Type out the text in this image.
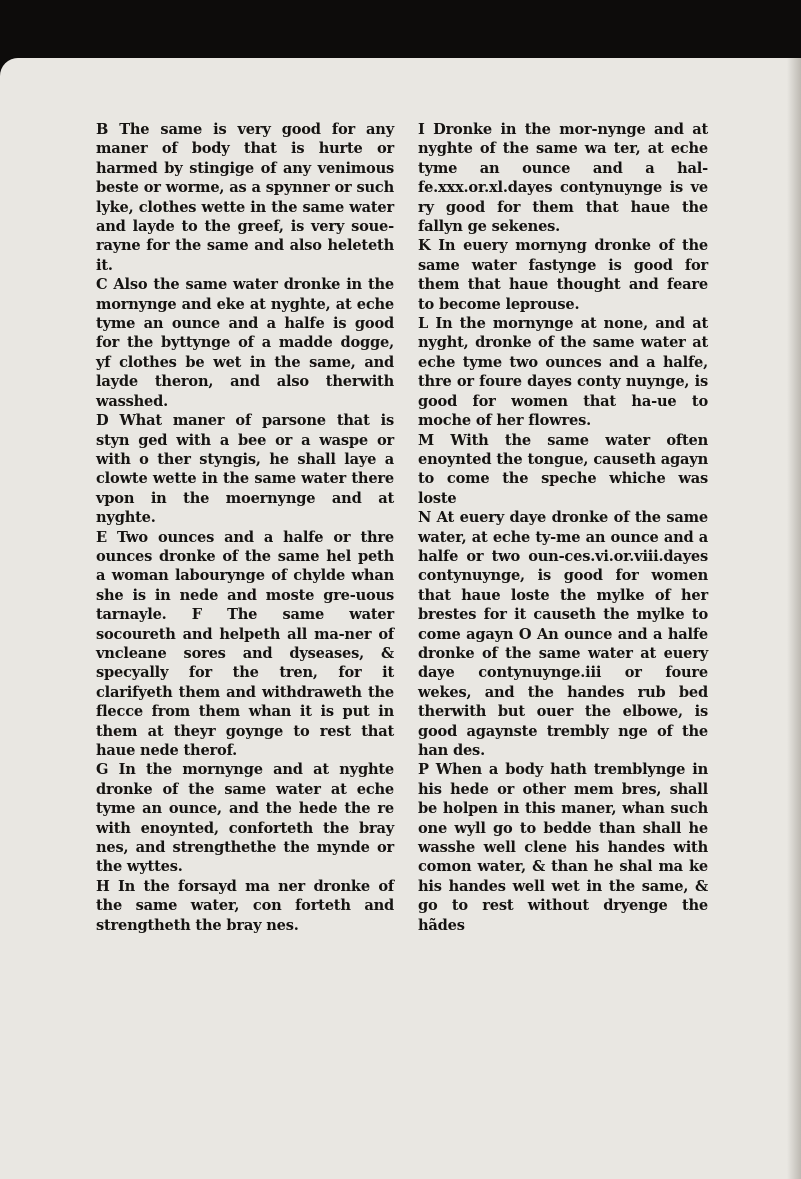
B The same is very good for any maner of body that is hurte or harmed by stingige of any venimous beste or worme, as a spynner or such lyke, clothes wette in the same water and layde to the greef, is very soue-rayne for the same and also heleteth it.

C Also the same water dronke in the mornynge and eke at nyghte, at eche tyme an ounce and a halfe is good for the byttynge of a madde dogge, yf clothes be wet in the same, and layde theron, and also therwith wasshed.

D What maner of parsone that is styn ged with a bee or a waspe or with o ther styngis, he shall laye a clowte wette in the same water there vpon in the moernynge and at nyghte.

E Two ounces and a halfe or thre ounces dronke of the same hel peth a woman labourynge of chylde whan she is in nede and moste gre-uous tarnayle. F The same water socoureth and helpeth all ma-ner of vncleane sores and dyseases, & specyally for the tren, for it clarifyeth them and withdraweth the flecce from them whan it is put in them at theyr goynge to rest that haue nede therof.

G In the mornynge and at nyghte dronke of the same water at eche tyme an ounce, and the hede the re with enoynted, conforteth the bray nes, and strengthethe the mynde or the wyttes.

H In the forsayd ma ner dronke of the same water, con forteth and strengtheth the bray nes.

I Dronke in the mor-nynge and at nyghte of the same wa ter, at eche tyme an ounce and a hal-fe.xxx.or.xl.dayes contynuynge is ve ry good for them that haue the fallyn ge sekenes.

K In euery mornyng dronke of the same water fastynge is good for them that haue thought and feare to become leprouse.

L In the mornynge at none, and at nyght, dronke of the same water at eche tyme two ounces and a halfe, thre or foure dayes conty nuynge, is good for women that ha-ue to moche of her flowres.

M With the same water often enoynted the tongue, causeth agayn to come the speche whiche was loste

N At euery daye dronke of the same water, at eche ty-me an ounce and a halfe or two oun-ces.vi.or.viii.dayes contynuynge, is good for women that haue loste the mylke of her brestes for it causeth the mylke to come agayn O An ounce and a halfe dronke of the same water at euery daye contynuynge.iii or foure wekes, and the handes rub bed therwith but ouer the elbowe, is good agaynste trembly nge of the han des.

P When a body hath tremblynge in his hede or other mem bres, shall be holpen in this maner, whan such one wyll go to bedde than shall he wasshe well clene his handes with comon water, & than he shal ma ke his handes well wet in the same, & go to rest without dryenge the hãdes
